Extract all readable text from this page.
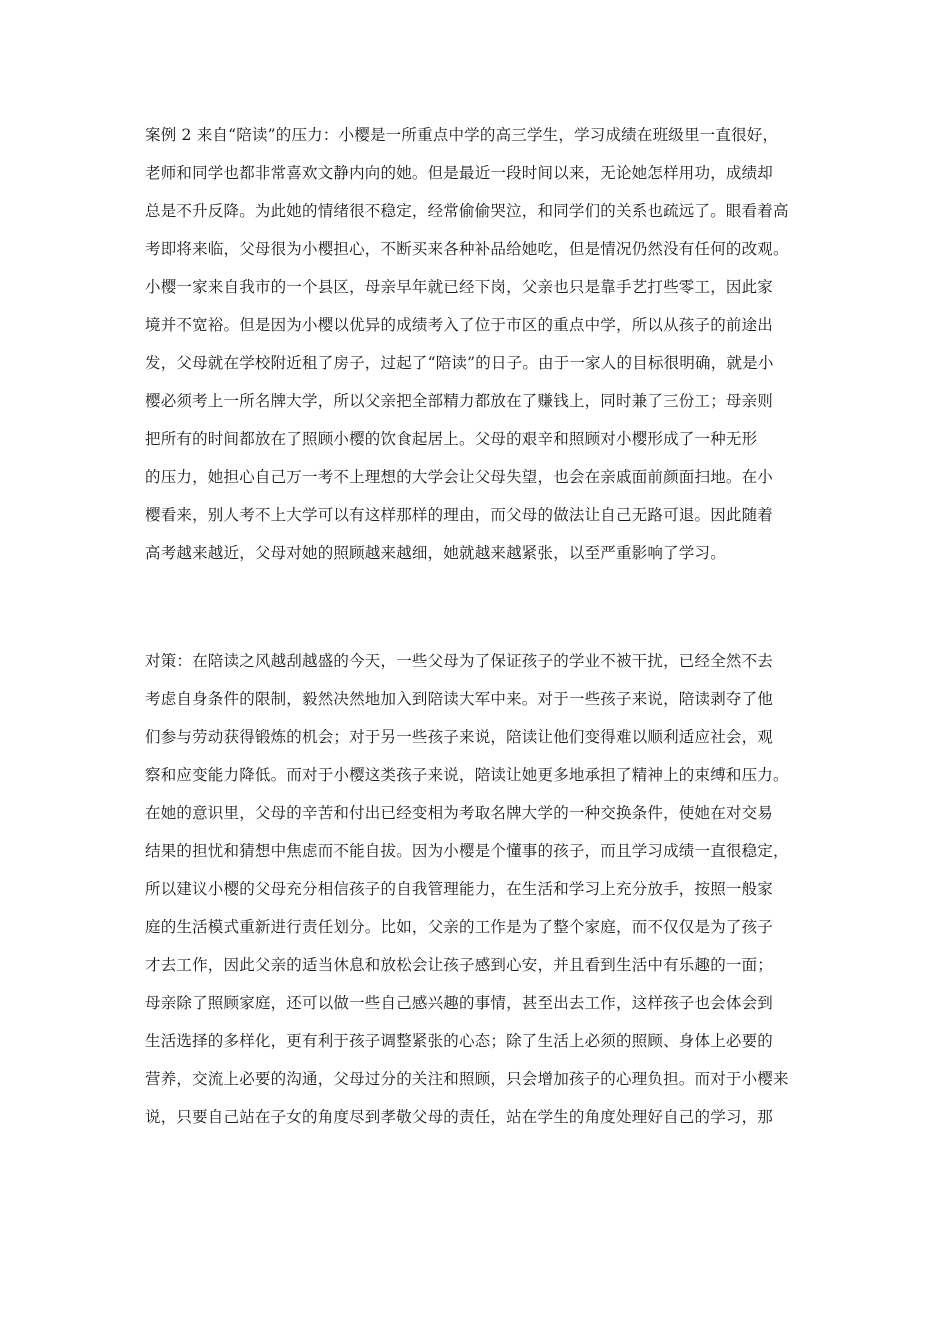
案例 2 来自“陪读”的压力：小樱是一所重点中学的高三学生，学习成绩在班级里一直很好，
老师和同学也都非常喜欢文静内向的她。但是最近一段时间以来，无论她怎样用功，成绩却
总是不升反降。为此她的情绪很不稳定，经常偷偷哭泣，和同学们的关系也疏远了。眼看着高
考即将来临，父母很为小樱担心，不断买来各种补品给她吃，但是情况仍然没有任何的改观。
小樱一家来自我市的一个县区，母亲早年就已经下岗，父亲也只是靠手艺打些零工，因此家
境并不宽裕。但是因为小樱以优异的成绩考入了位于市区的重点中学，所以从孩子的前途出
发，父母就在学校附近租了房子，过起了“陪读”的日子。由于一家人的目标很明确，就是小
樱必须考上一所名牌大学，所以父亲把全部精力都放在了赚钱上，同时兼了三份工；母亲则
把所有的时间都放在了照顾小樱的饮食起居上。父母的艰辛和照顾对小樱形成了一种无形
的压力，她担心自己万一考不上理想的大学会让父母失望，也会在亲戚面前颜面扫地。在小
樱看来，别人考不上大学可以有这样那样的理由，而父母的做法让自己无路可退。因此随着
高考越来越近，父母对她的照顾越来越细，她就越来越紧张，以至严重影响了学习。
对策：在陪读之风越刮越盛的今天，一些父母为了保证孩子的学业不被干扰，已经全然不去
考虑自身条件的限制，毅然决然地加入到陪读大军中来。对于一些孩子来说，陪读剥夺了他
们参与劳动获得锻炼的机会；对于另一些孩子来说，陪读让他们变得难以顺利适应社会，观
察和应变能力降低。而对于小樱这类孩子来说，陪读让她更多地承担了精神上的束缚和压力。
在她的意识里，父母的辛苦和付出已经变相为考取名牌大学的一种交换条件，使她在对交易
结果的担忧和猜想中焦虑而不能自拔。因为小樱是个懂事的孩子，而且学习成绩一直很稳定，
所以建议小樱的父母充分相信孩子的自我管理能力，在生活和学习上充分放手，按照一般家
庭的生活模式重新进行责任划分。比如，父亲的工作是为了整个家庭，而不仅仅是为了孩子
才去工作，因此父亲的适当休息和放松会让孩子感到心安，并且看到生活中有乐趣的一面；
母亲除了照顾家庭，还可以做一些自己感兴趣的事情，甚至出去工作，这样孩子也会体会到
生活选择的多样化，更有利于孩子调整紧张的心态；除了生活上必须的照顾、身体上必要的
营养，交流上必要的沟通，父母过分的关注和照顾，只会增加孩子的心理负担。而对于小樱来
说，只要自己站在子女的角度尽到孝敬父母的责任，站在学生的角度处理好自己的学习，那
